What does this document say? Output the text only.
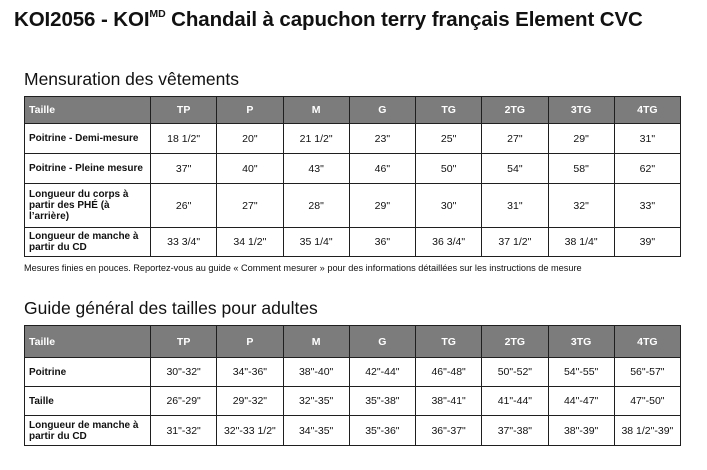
$KOI2056 - KOI^{MD}$ Chandail à capuchon terry français Element CVC
Mensuration des vêtements
Taille	TP	P	M	G	TG	2TG	3TG	4TG
Poitrine - Demi-mesure	18 1/2"	20"	21 1/2"	23"	25"	27"	29"	31"
Poitrine - Pleine mesure	37"	40"	43"	46"	50"	54"	58"	62"
Longueur du corps à partir des PHÉ (à l’arrière)	26"	27"	28"	29"	30"	31"	32"	33"
Longueur de manche à partir du CD	33 3/4"	34 1/2"	35 1/4"	36"	36 3/4"	37 1/2"	38 1/4"	39"
Mesures finies en pouces. Reportez-vous au guide « Comment mesurer » pour des informations détaillées sur les instructions de mesure
Guide général des tailles pour adultes
Taille	TP	P	M	G	TG	2TG	3TG	4TG
Poitrine	30"-32"	34"-36"	38"-40"	42"-44"	46"-48"	50"-52"	54"-55"	56"-57"
Taille	26"-29"	29"-32"	32"-35"	35"-38"	38"-41"	41"-44"	44"-47"	47"-50"
Longueur de manche à partir du CD	31"-32"	32"-33 1/2"	34"-35"	35"-36"	36"-37"	37"-38"	38"-39"	38 1/2"-39"
